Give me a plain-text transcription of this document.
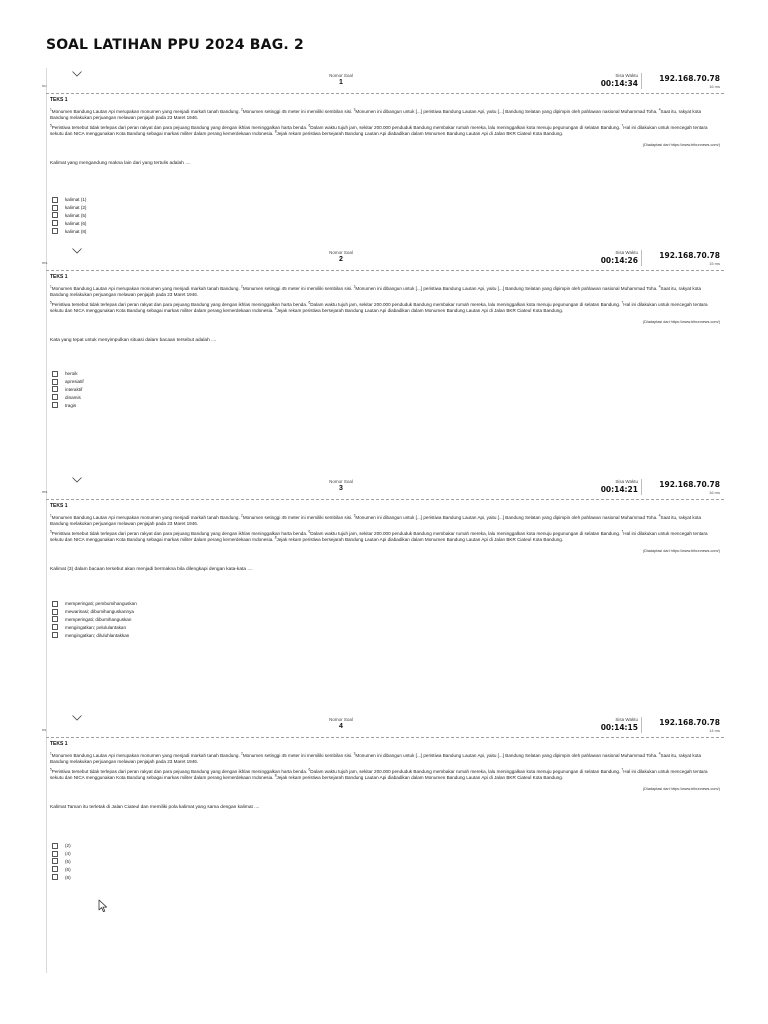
SOAL LATIHAN PPU 2024 BAG. 2
nu
Nomor Soal
1
Sisa Waktu
00:14:34
192.168.70.78
16 ms

TEKS 1

$^1$Monumen Bandung Lautan Api merupakan monumen yang menjadi markah tanah Bandung. $^2$Monumen setinggi 45 meter ini memiliki sembilan sisi. $^3$Monumen ini dibangun untuk [...] peristiwa Bandung Lautan Api, yaitu [...] Bandung Selatan yang dipimpin oleh pahlawan nasional Muhammad Toha. $^4$Saat itu, rakyat kota Bandung melakukan perjuangan melawan penjajah pada 23 Maret 1946.

$^5$Peristiwa tersebut tidak terlepas dari peran rakyat dan para pejuang Bandung yang dengan ikhlas meninggalkan harta benda. $^6$Dalam waktu tujuh jam, sekitar 200.000 penduduk Bandung membakar rumah mereka, lalu meninggalkan kota menuju pegunungan di selatan Bandung. $^7$Hal ini dilakukan untuk mencegah tentara sekutu dan NICA menggunakan Kota Bandung sebagai markas militer dalam perang kemerdekaan Indonesia. $^8$Jejak rekam peristiwa bersejarah Bandung Lautan Api diabadikan dalam Monumen Bandung Lautan Api di Jalan BKR Ciateul Kota Bandung.

(Diadaptasi dari https://www.tribunnews.com/)

Kalimat yang mengandung makna lain dari yang tertulis adalah ....

kalimat (1)
kalimat (2)
kalimat (5)
kalimat (6)
kalimat (8)
ms
Nomor Soal
2
Sisa Waktu
00:14:26
192.168.70.78
15 ms

TEKS 1

$^1$Monumen Bandung Lautan Api merupakan monumen yang menjadi markah tanah Bandung. $^2$Monumen setinggi 45 meter ini memiliki sembilan sisi. $^3$Monumen ini dibangun untuk [...] peristiwa Bandung Lautan Api, yaitu [...] Bandung Selatan yang dipimpin oleh pahlawan nasional Muhammad Toha. $^4$Saat itu, rakyat kota Bandung melakukan perjuangan melawan penjajah pada 23 Maret 1946.

$^5$Peristiwa tersebut tidak terlepas dari peran rakyat dan para pejuang Bandung yang dengan ikhlas meninggalkan harta benda. $^6$Dalam waktu tujuh jam, sekitar 200.000 penduduk Bandung membakar rumah mereka, lalu meninggalkan kota menuju pegunungan di selatan Bandung. $^7$Hal ini dilakukan untuk mencegah tentara sekutu dan NICA menggunakan Kota Bandung sebagai markas militer dalam perang kemerdekaan Indonesia. $^8$Jejak rekam peristiwa bersejarah Bandung Lautan Api diabadikan dalam Monumen Bandung Lautan Api di Jalan BKR Ciateul Kota Bandung.

(Diadaptasi dari https://www.tribunnews.com/)

Kata yang tepat untuk menyimpulkan situasi dalam bacaan tersebut adalah ....

heroik
apresiatif
interaktif
dinamis
tragis
ms
Nomor Soal
3
Sisa Waktu
00:14:21
192.168.70.78
16 ms

TEKS 1

$^1$Monumen Bandung Lautan Api merupakan monumen yang menjadi markah tanah Bandung. $^2$Monumen setinggi 45 meter ini memiliki sembilan sisi. $^3$Monumen ini dibangun untuk [...] peristiwa Bandung Lautan Api, yaitu [...] Bandung Selatan yang dipimpin oleh pahlawan nasional Muhammad Toha. $^4$Saat itu, rakyat kota Bandung melakukan perjuangan melawan penjajah pada 23 Maret 1946.

$^5$Peristiwa tersebut tidak terlepas dari peran rakyat dan para pejuang Bandung yang dengan ikhlas meninggalkan harta benda. $^6$Dalam waktu tujuh jam, sekitar 200.000 penduduk Bandung membakar rumah mereka, lalu meninggalkan kota menuju pegunungan di selatan Bandung. $^7$Hal ini dilakukan untuk mencegah tentara sekutu dan NICA menggunakan Kota Bandung sebagai markas militer dalam perang kemerdekaan Indonesia. $^8$Jejak rekam peristiwa bersejarah Bandung Lautan Api diabadikan dalam Monumen Bandung Lautan Api di Jalan BKR Ciateul Kota Bandung.

(Diadaptasi dari https://www.tribunnews.com/)

Kalimat (3) dalam bacaan tersebut akan menjadi bermakna bila dilengkapi dengan kata-kata ....

memperingati; pembumihanguskan
mewarisasi; dibumihanguskannya
memperingati; dibumihanguskan
mengingatkan; pelululantakan
mengingatkan; diluluhlantakkan
ns
Nomor Soal
4
Sisa Waktu
00:14:15
192.168.70.78
14 ms

TEKS 1

$^1$Monumen Bandung Lautan Api merupakan monumen yang menjadi markah tanah Bandung. $^2$Monumen setinggi 45 meter ini memiliki sembilan sisi. $^3$Monumen ini dibangun untuk [...] peristiwa Bandung Lautan Api, yaitu [...] Bandung Selatan yang dipimpin oleh pahlawan nasional Muhammad Toha. $^4$Saat itu, rakyat kota Bandung melakukan perjuangan melawan penjajah pada 23 Maret 1946.

$^5$Peristiwa tersebut tidak terlepas dari peran rakyat dan para pejuang Bandung yang dengan ikhlas meninggalkan harta benda. $^6$Dalam waktu tujuh jam, sekitar 200.000 penduduk Bandung membakar rumah mereka, lalu meninggalkan kota menuju pegunungan di selatan Bandung. $^7$Hal ini dilakukan untuk mencegah tentara sekutu dan NICA menggunakan Kota Bandung sebagai markas militer dalam perang kemerdekaan Indonesia. $^8$Jejak rekam peristiwa bersejarah Bandung Lautan Api diabadikan dalam Monumen Bandung Lautan Api di Jalan BKR Ciateul Kota Bandung.

(Diadaptasi dari https://www.tribunnews.com/)

Kalimat Taman itu terletak di Jalan Ciateul dan memiliki pola kalimat yang sama dengan kalimat ....

(2)
(4)
(5)
(6)
(8)
